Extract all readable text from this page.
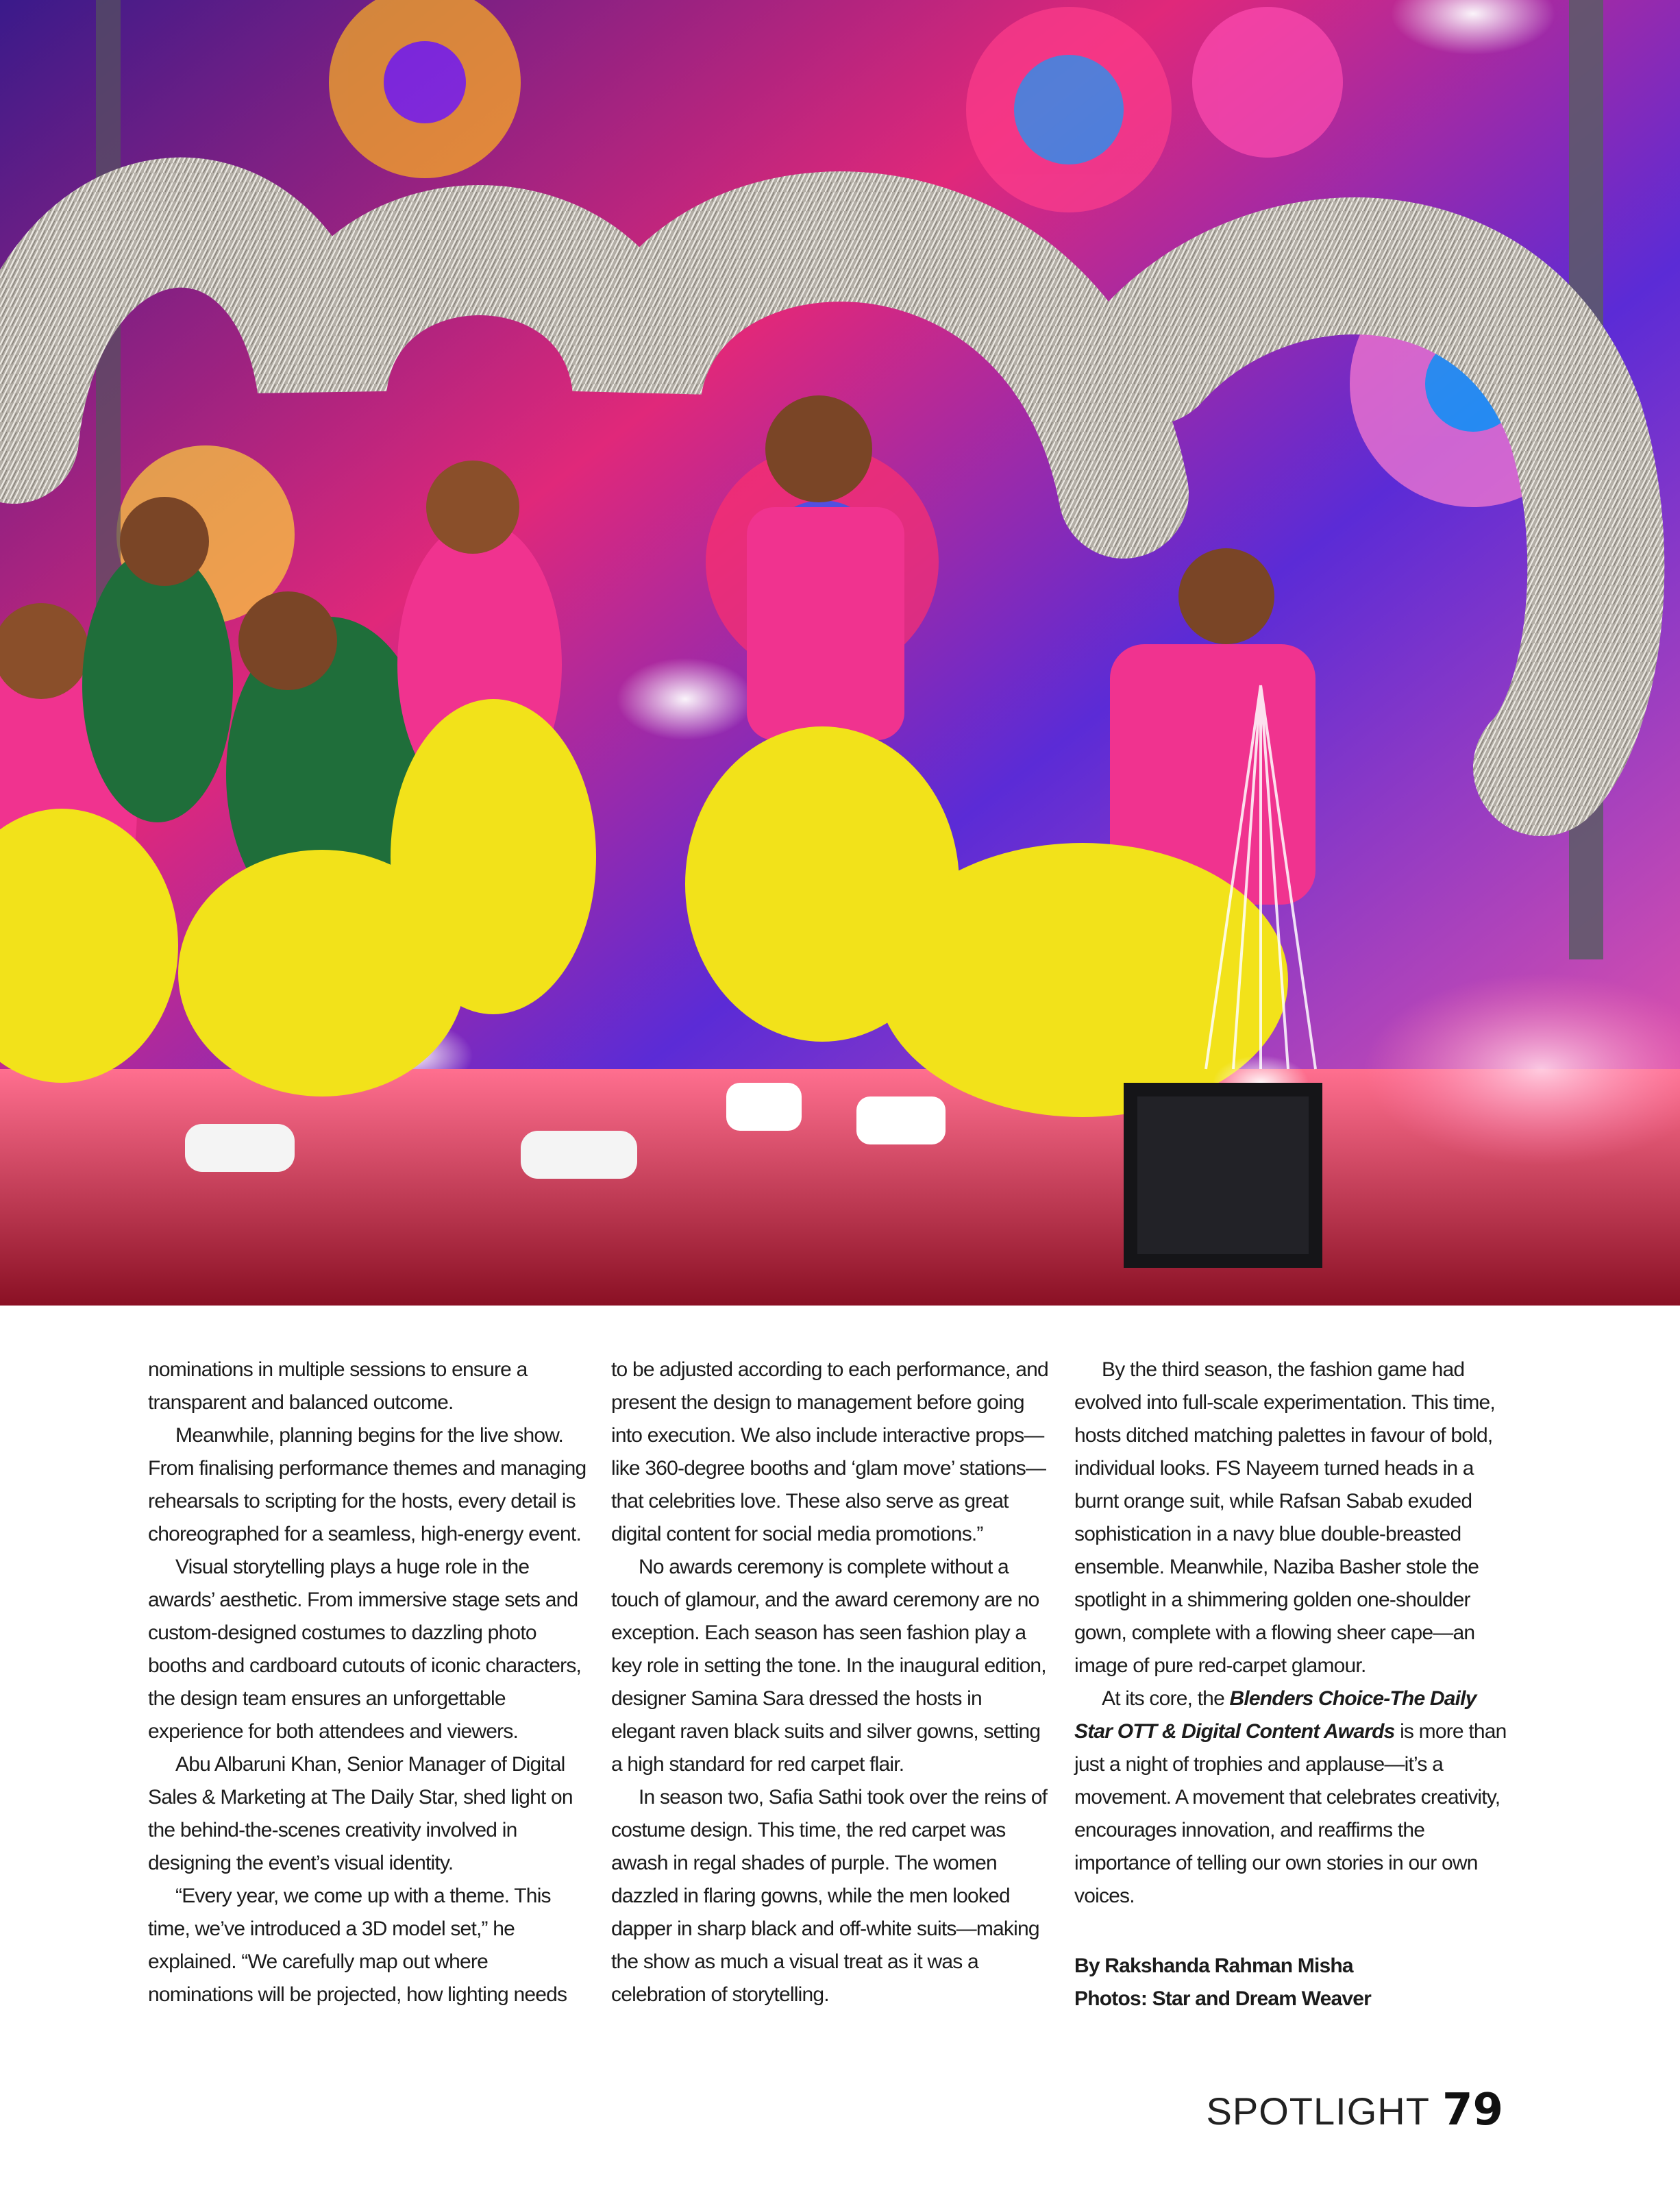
nominations in multiple sessions to ensure a transparent and balanced outcome.

Meanwhile, planning begins for the live show. From finalising performance themes and managing rehearsals to scripting for the hosts, every detail is choreographed for a seamless, high-energy event.

Visual storytelling plays a huge role in the awards’ aesthetic. From immersive stage sets and custom-designed costumes to dazzling photo booths and cardboard cutouts of iconic characters, the design team ensures an unforgettable experience for both attendees and viewers.

Abu Albaruni Khan, Senior Manager of Digital Sales & Marketing at The Daily Star, shed light on the behind-the-scenes creativity involved in designing the event’s visual identity.

“Every year, we come up with a theme. This time, we’ve introduced a 3D model set,” he explained. “We carefully map out where nominations will be projected, how lighting needs

to be adjusted according to each performance, and present the design to management before going into execution. We also include interactive props—like 360-degree booths and ‘glam move’ stations—that celebrities love. These also serve as great digital content for social media promotions.”

No awards ceremony is complete without a touch of glamour, and the award ceremony are no exception. Each season has seen fashion play a key role in setting the tone. In the inaugural edition, designer Samina Sara dressed the hosts in elegant raven black suits and silver gowns, setting a high standard for red carpet flair.

In season two, Safia Sathi took over the reins of costume design. This time, the red carpet was awash in regal shades of purple. The women dazzled in flaring gowns, while the men looked dapper in sharp black and off-white suits—making the show as much a visual treat as it was a celebration of storytelling.

By the third season, the fashion game had evolved into full-scale experimentation. This time, hosts ditched matching palettes in favour of bold, individual looks. FS Nayeem turned heads in a burnt orange suit, while Rafsan Sabab exuded sophistication in a navy blue double-breasted ensemble. Meanwhile, Naziba Basher stole the spotlight in a shimmering golden one-shoulder gown, complete with a flowing sheer cape—an image of pure red-carpet glamour.

At its core, the Blenders Choice-The Daily Star OTT & Digital Content Awards is more than just a night of trophies and applause—it’s a movement. A movement that celebrates creativity, encourages innovation, and reaffirms the importance of telling our own stories in our own voices.

By Rakshanda Rahman Misha
Photos: Star and Dream Weaver
SPOTLIGHT 79
